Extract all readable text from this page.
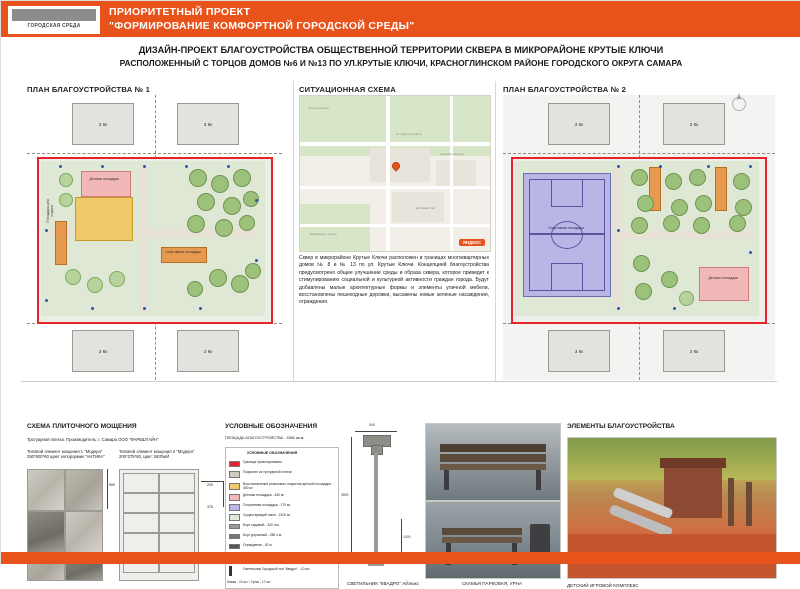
ГОРОДСКАЯ СРЕДА
ПРИОРИТЕТНЫЙ ПРОЕКТ
"ФОРМИРОВАНИЕ КОМФОРТНОЙ ГОРОДСКОЙ СРЕДЫ"
ДИЗАЙН-ПРОЕКТ БЛАГОУСТРОЙСТВА ОБЩЕСТВЕННОЙ ТЕРРИТОРИИ СКВЕРА В МИКРОРАЙОНЕ КРУТЫЕ КЛЮЧИ
РАСПОЛОЖЕННЫЙ С ТОРЦОВ ДОМОВ №6 И №13 ПО УЛ.КРУТЫЕ КЛЮЧИ, КРАСНОГЛИНСКОМ РАЙОНЕ ГОРОДСКОГО ОКРУГА САМАРА
ПЛАН БЛАГОУСТРОЙСТВА № 1	СИТУАЦИОННАЯ СХЕМА	ПЛАН БЛАГОУСТРОЙСТВА № 2
3 Кк	3 Кк
3 Кк	3 Кк
Детская площадка
Площадка для отдыха
Спортивная площадка
Крутые Ключи
ул. Крутые Ключи
Кошелев-Проект
Дубовый Гай
Московское шоссе
ЯНДЕКС
Сквер в микрорайоне Крутые Ключи расположен в границах многоквартирных домов № 8 и № 13 по ул. Крутые Ключи. Концепцией благоустройства предусмотрено общее улучшение среды и образа сквера, которое приведет к стимулированию социальной и культурной активности граждан города. Будут добавлены малые архитектурные формы и элементы уличной мебели, восстановлены пешеходные дорожки, высажены новые зеленые насаждения, ограждения.
3 Кк	3 Кк
3 Кк	3 Кк
Спортивная площадка
Детская площадка
СХЕМА ПЛИТОЧНОГО МОЩЕНИЯ
Тротуарная плитка. Производитель: г. Самара ООО "ФАРБШТАЙН"
Типовой элемент мощения 1 "Модерн" 250*500*60 щвет колорормик "АНТИКА"
Типовой элемент мощения 2 "Модерн" 200*375*60, цвет: БЕЛЫЙ
500	200
375
УСЛОВНЫЕ ОБОЗНАЧЕНИЯ
ПЛОЩАДЬ БЛАГОУСТРОЙСТВА - 4560 кв.м.
УСЛОВНЫЕ ОБОЗНАЧЕНИЯ
Границы проектирования
Покрытие из тротуарной плитки
Восстановление резинового покрытия детской площадки - 400 м²
Детская площадка - 440 м²
Спортивная площадка - 170 м²
Существующий газон - 2100 м²
Борт садовый - 340 п.м.
Борт дорожный - 280 п.м.
Ограждение - 62 м.
Светильник Городской тип "Квадро" - 10 шт.
Лавки - 10 шт. / Урны - 17 шт.
945
4500
1400
СВЕТИЛЬНИК "КВАДРО" АЙлюкс	СКАМЬЯ ПАРКОВАЯ, УРНА
ЭЛЕМЕНТЫ БЛАГОУСТРОЙСТВА
ДЕТСКИЙ ИГРОВОЙ КОМПЛЕКС
